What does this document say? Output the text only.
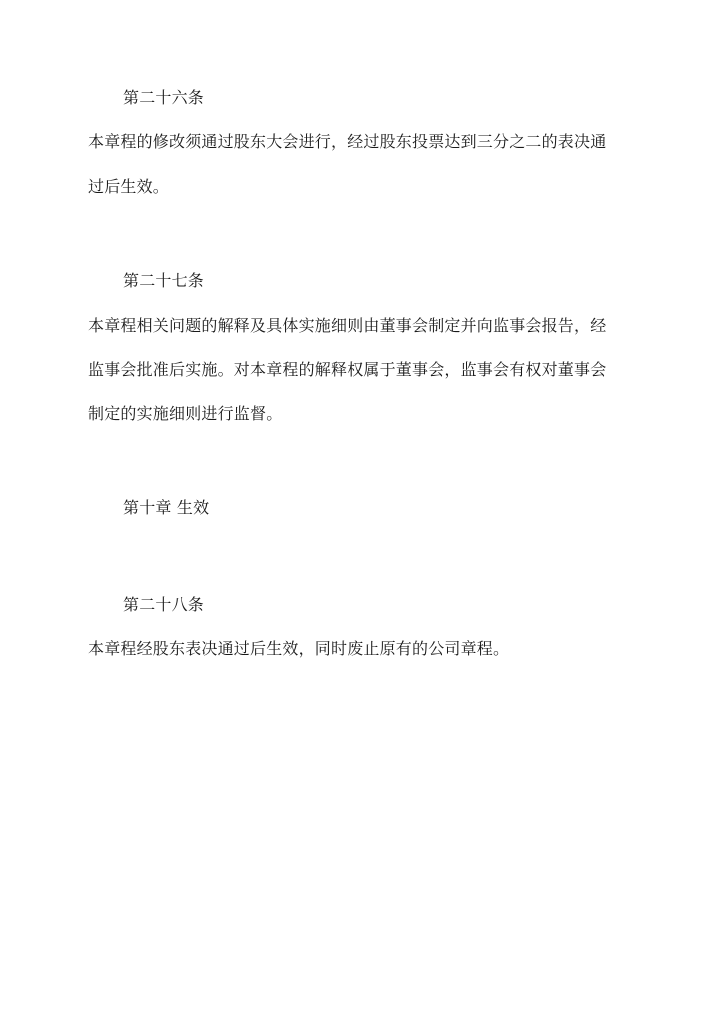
第二十六条
本章程的修改须通过股东大会进行，经过股东投票达到三分之二的表决通
过后生效。
第二十七条
本章程相关问题的解释及具体实施细则由董事会制定并向监事会报告，经
监事会批准后实施。对本章程的解释权属于董事会，监事会有权对董事会
制定的实施细则进行监督。
第十章 生效
第二十八条
本章程经股东表决通过后生效，同时废止原有的公司章程。
